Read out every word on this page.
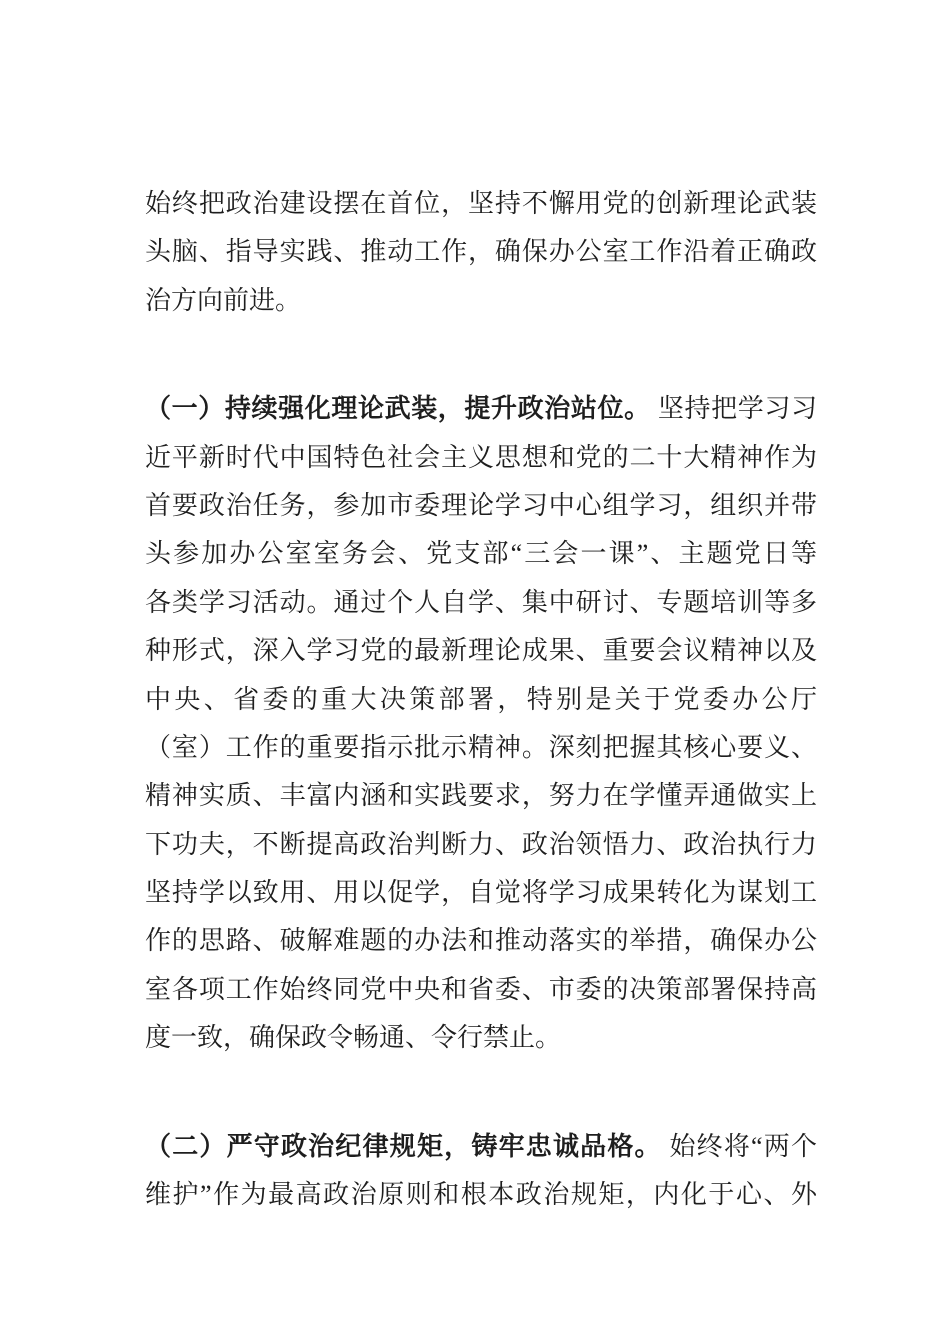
始终把政治建设摆在首位，坚持不懈用党的创新理论武装
头脑、指导实践、推动工作，确保办公室工作沿着正确政
治方向前进。
（一）持续强化理论武装，提升政治站位。 坚持把学习习
近平新时代中国特色社会主义思想和党的二十大精神作为
首要政治任务，参加市委理论学习中心组学习，组织并带
头参加办公室室务会、党支部“三会一课”、主题党日等
各类学习活动。通过个人自学、集中研讨、专题培训等多
种形式，深入学习党的最新理论成果、重要会议精神以及
中央、省委的重大决策部署，特别是关于党委办公厅
（室）工作的重要指示批示精神。深刻把握其核心要义、
精神实质、丰富内涵和实践要求，努力在学懂弄通做实上
下功夫，不断提高政治判断力、政治领悟力、政治执行力
坚持学以致用、用以促学，自觉将学习成果转化为谋划工
作的思路、破解难题的办法和推动落实的举措，确保办公
室各项工作始终同党中央和省委、市委的决策部署保持高
度一致，确保政令畅通、令行禁止。
（二）严守政治纪律规矩，铸牢忠诚品格。 始终将“两个
维护”作为最高政治原则和根本政治规矩，内化于心、外
